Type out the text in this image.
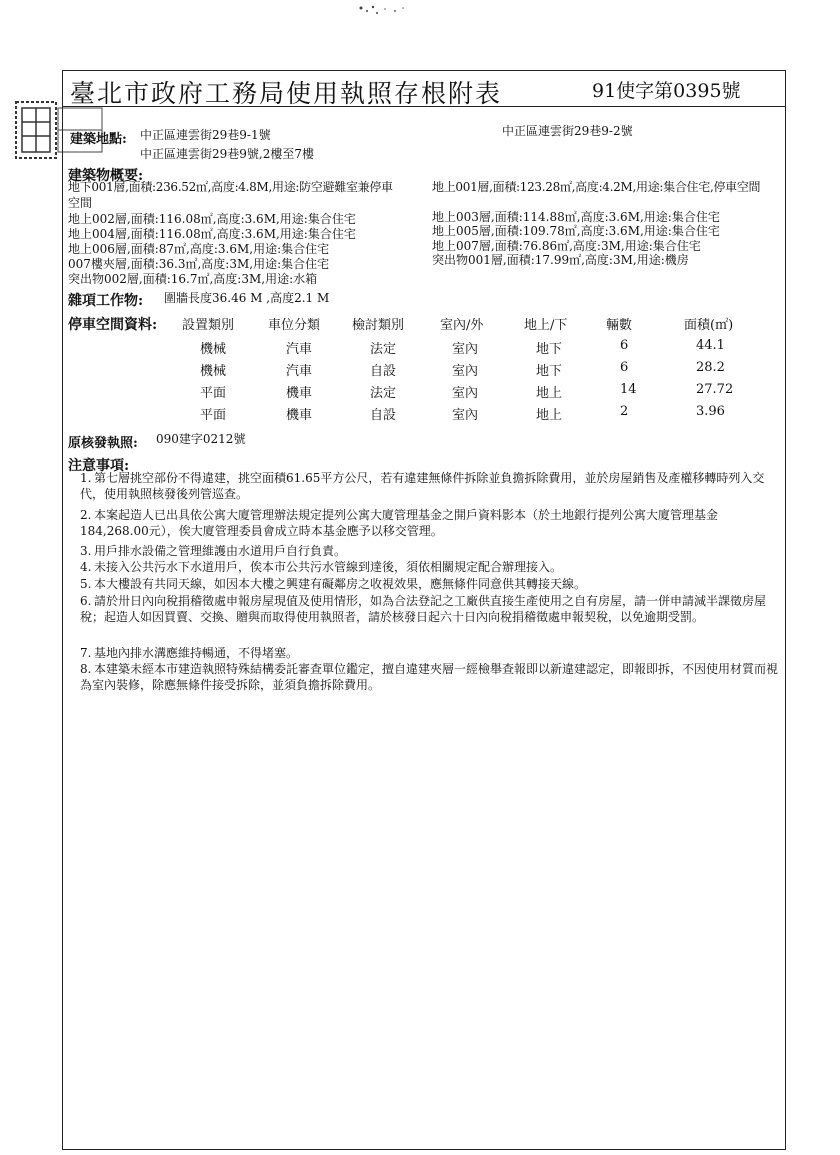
臺北市政府工務局使用執照存根附表	91使字第0395號
建築地點: 中正區連雲街29巷9-1號	中正區連雲街29巷9-2號
中正區連雲街29巷9號,2樓至7樓
建築物概要:
地下001層,面積:236.52㎡,高度:4.8M,用途:防空避難室兼停車	地上001層,面積:123.28㎡,高度:4.2M,用途:集合住宅,停車空間
空間
地上002層,面積:116.08㎡,高度:3.6M,用途:集合住宅
地上004層,面積:116.08㎡,高度:3.6M,用途:集合住宅
地上006層,面積:87㎡,高度:3.6M,用途:集合住宅
007樓夾層,面積:36.3㎡,高度:3M,用途:集合住宅
突出物002層,面積:16.7㎡,高度:3M,用途:水箱
地上003層,面積:114.88㎡,高度:3.6M,用途:集合住宅
地上005層,面積:109.78㎡,高度:3.6M,用途:集合住宅
地上007層,面積:76.86㎡,高度:3M,用途:集合住宅
突出物001層,面積:17.99㎡,高度:3M,用途:機房
雜項工作物: 圍牆長度36.46 M ,高度2.1 M
停車空間資料: 設置類別	車位分類 檢討類別	室內/外	地上/下	輛數	面積(㎡)
機械	汽車	法定	室內	地下	6	44.1
機械	汽車	自設	室內	地下	6	28.2
平面	機車	法定	室內	地上	14	27.72
平面	機車	自設	室內	地上	2	3.96
原核發執照: 090建字0212號
注意事項:
1. 第七層挑空部份不得違建，挑空面積61.65平方公尺，若有違建無條件拆除並負擔拆除費用，並於房屋銷售及產權移轉時列入交代，使用執照核發後列管巡查。
2. 本案起造人已出具依公寓大廈管理辦法規定提列公寓大廈管理基金之開戶資料影本（於土地銀行提列公寓大廈管理基金184,268.00元），俟大廈管理委員會成立時本基金應予以移交管理。
3. 用戶排水設備之管理維護由水道用戶自行負責。
4. 未接入公共污水下水道用戶，俟本市公共污水管線到達後，須依相關規定配合辦理接入。
5. 本大樓設有共同天線，如因本大樓之興建有礙鄰房之收視效果，應無條件同意供其轉接天線。
6. 請於卅日內向稅捐稽徵處申報房屋現值及使用情形，如為合法登記之工廠供直接生產使用之自有房屋，請一併申請減半課徵房屋稅；起造人如因買賣、交換、贈與而取得使用執照者，請於核發日起六十日內向稅捐稽徵處申報契稅，以免逾期受罰。
7. 基地內排水溝應維持暢通，不得堵塞。
8. 本建築未經本市建造執照特殊結構委託審查單位鑑定，擅自違建夾層一經檢舉查報即以新違建認定，即報即拆，不因使用材質而視為室內裝修，除應無條件接受拆除，並須負擔拆除費用。
